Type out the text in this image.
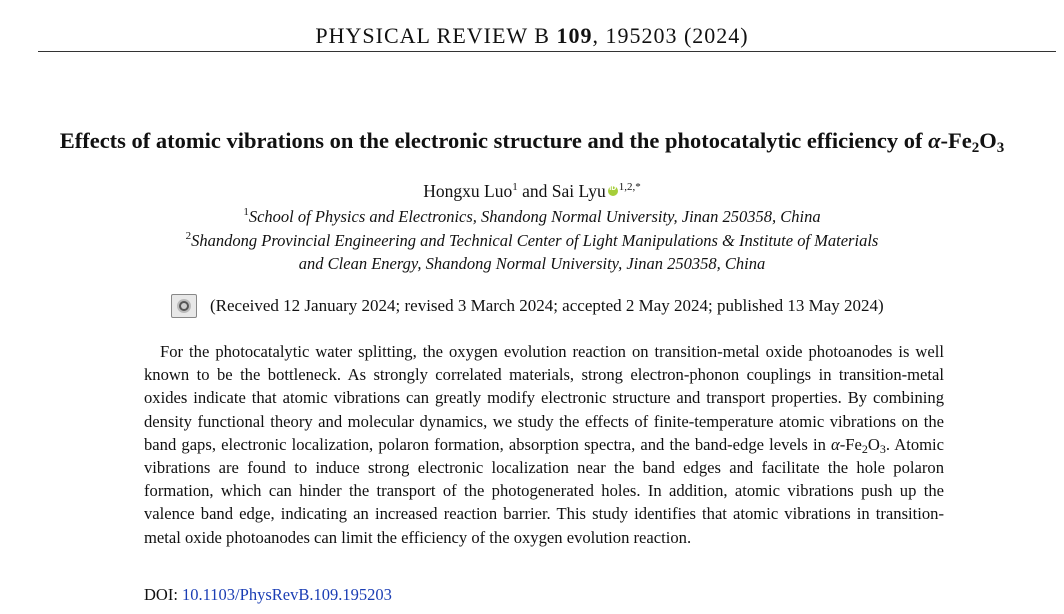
PHYSICAL REVIEW B 109, 195203 (2024)
Effects of atomic vibrations on the electronic structure and the photocatalytic efficiency of $\alpha-Fe_2O_3$
Hongxu Luo$^1$ and Sai LyuiD $^{1,2,*}$
$^1$School of Physics and Electronics, Shandong Normal University, Jinan 250358, China
$^2$Shandong Provincial Engineering and Technical Center of Light Manipulations & Institute of Materials
and Clean Energy, Shandong Normal University, Jinan 250358, China
(Received 12 January 2024; revised 3 March 2024; accepted 2 May 2024; published 13 May 2024)
For the photocatalytic water splitting, the oxygen evolution reaction on transition-metal oxide photoanodes is well known to be the bottleneck. As strongly correlated materials, strong electron-phonon couplings in transition-metal oxides indicate that atomic vibrations can greatly modify electronic structure and transport properties. By combining density functional theory and molecular dynamics, we study the effects of finite-temperature atomic vibrations on the band gaps, electronic localization, polaron formation, absorption spectra, and the band-edge levels in $\alpha-Fe_2O_3$. Atomic vibrations are found to induce strong electronic localization near the band edges and facilitate the hole polaron formation, which can hinder the transport of the photogenerated holes. In addition, atomic vibrations push up the valence band edge, indicating an increased reaction barrier. This study identifies that atomic vibrations in transition-metal oxide photoanodes can limit the efficiency of the oxygen evolution reaction.
DOI: 10.1103/PhysRevB.109.195203
